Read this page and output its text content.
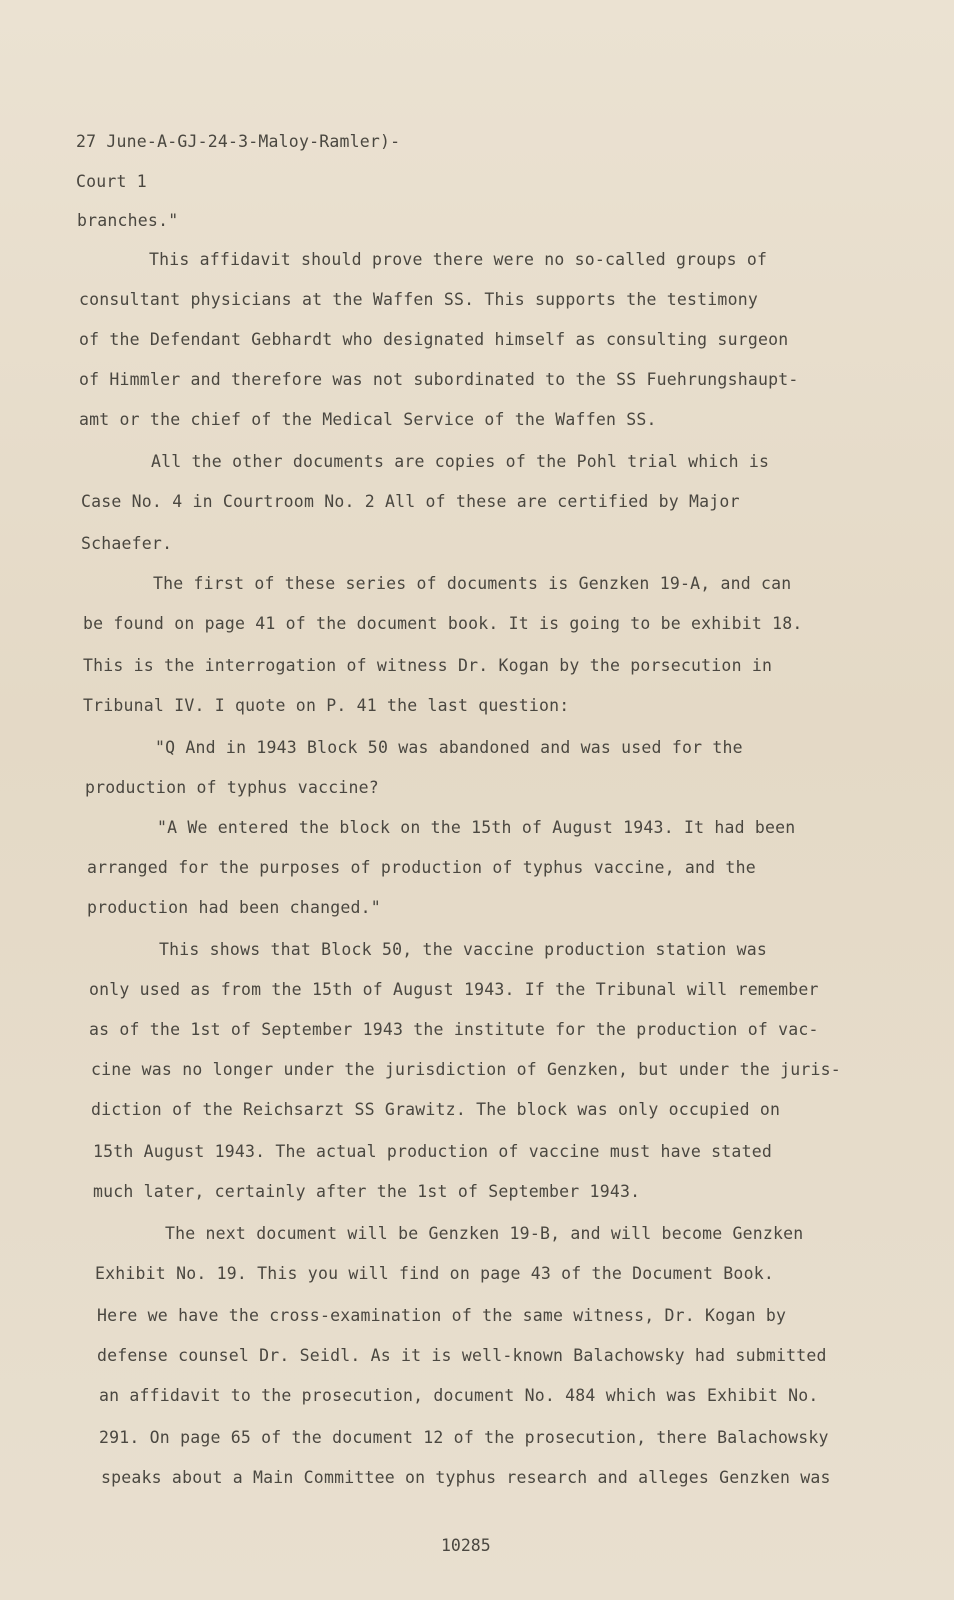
27 June-A-GJ-24-3-Maloy-Ramler)-
Court 1
branches."
This affidavit should prove there were no so-called groups of
consultant physicians at the Waffen SS. This supports the testimony
of the Defendant Gebhardt who designated himself as consulting surgeon
of Himmler and therefore was not subordinated to the SS Fuehrungshaupt-
amt or the chief of the Medical Service of the Waffen SS.
All the other documents are copies of the Pohl trial which is
Case No. 4 in Courtroom No. 2 All of these are certified by Major
Schaefer.
The first of these series of documents is Genzken 19-A, and can
be found on page 41 of the document book. It is going to be exhibit 18.
This is the interrogation of witness Dr. Kogan by the porsecution in
Tribunal IV. I quote on P. 41 the last question:
"Q And in 1943 Block 50 was abandoned and was used for the
production of typhus vaccine?
"A We entered the block on the 15th of August 1943. It had been
arranged for the purposes of production of typhus vaccine, and the
production had been changed."
This shows that Block 50, the vaccine production station was
only used as from the 15th of August 1943. If the Tribunal will remember
as of the 1st of September 1943 the institute for the production of vac-
cine was no longer under the jurisdiction of Genzken, but under the juris-
diction of the Reichsarzt SS Grawitz. The block was only occupied on
15th August 1943. The actual production of vaccine must have stated
much later, certainly after the 1st of September 1943.
The next document will be Genzken 19-B, and will become Genzken
Exhibit No. 19. This you will find on page 43 of the Document Book.
Here we have the cross-examination of the same witness, Dr. Kogan by
defense counsel Dr. Seidl. As it is well-known Balachowsky had submitted
an affidavit to the prosecution, document No. 484 which was Exhibit No.
291. On page 65 of the document 12 of the prosecution, there Balachowsky
speaks about a Main Committee on typhus research and alleges Genzken was
10285
